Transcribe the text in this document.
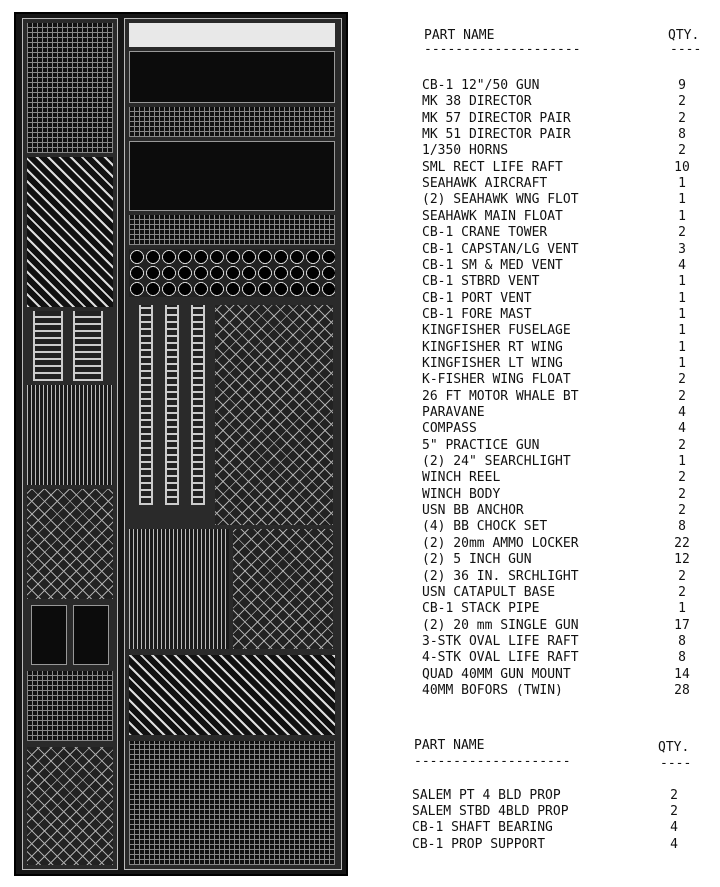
PART NAME	QTY.
--------------------	----
CB-1 12"/50 GUN	9
MK 38 DIRECTOR	2
MK 57 DIRECTOR PAIR	2
MK 51 DIRECTOR PAIR	8
1/350 HORNS	2
SML RECT LIFE RAFT	10
SEAHAWK AIRCRAFT	1
(2) SEAHAWK WNG FLOT	1
SEAHAWK MAIN FLOAT	1
CB-1 CRANE TOWER	2
CB-1 CAPSTAN/LG VENT	3
CB-1 SM & MED VENT	4
CB-1 STBRD VENT	1
CB-1 PORT VENT	1
CB-1 FORE MAST	1
KINGFISHER FUSELAGE	1
KINGFISHER RT WING	1
KINGFISHER LT WING	1
K-FISHER WING FLOAT	2
26 FT MOTOR WHALE BT	2
PARAVANE	4
COMPASS	4
5" PRACTICE GUN	2
(2) 24" SEARCHLIGHT	1
WINCH REEL	2
WINCH BODY	2
USN BB ANCHOR	2
(4) BB CHOCK SET	8
(2) 20mm AMMO LOCKER	22
(2) 5 INCH GUN	12
(2) 36 IN. SRCHLIGHT	2
USN CATAPULT BASE	2
CB-1 STACK PIPE	1
(2) 20 mm SINGLE GUN	17
3-STK OVAL LIFE RAFT	8
4-STK OVAL LIFE RAFT	8
QUAD 40MM GUN MOUNT	14
40MM BOFORS (TWIN)	28
PART NAME	QTY.
--------------------	----
SALEM PT 4 BLD PROP	2
SALEM STBD 4BLD PROP	2
CB-1 SHAFT BEARING	4
CB-1 PROP SUPPORT	4
